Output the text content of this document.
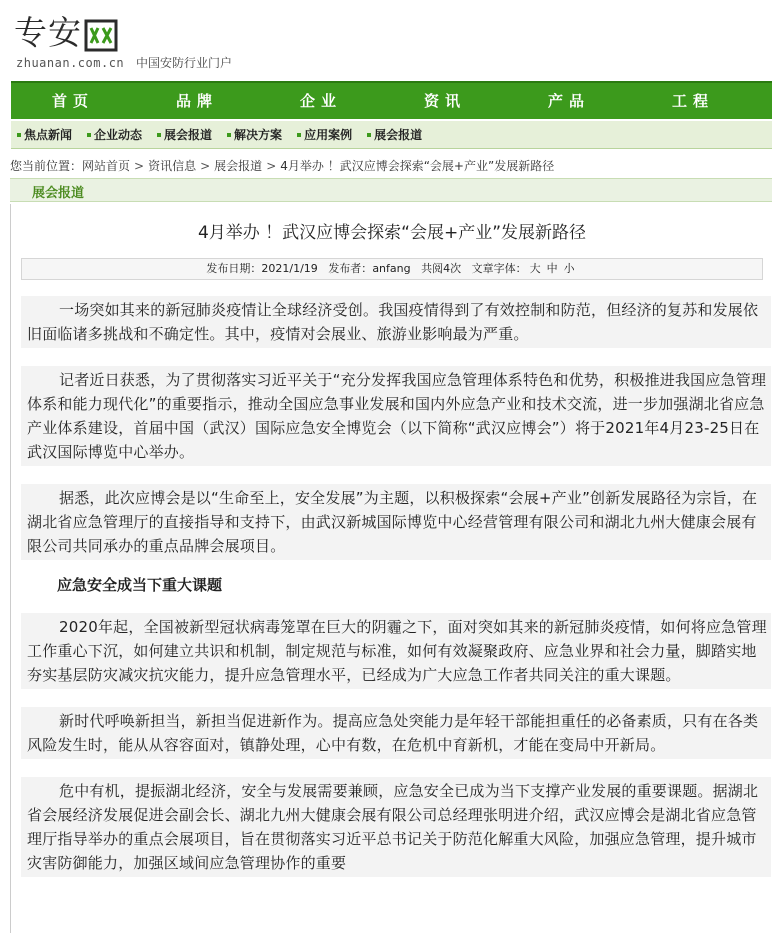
专安
zhuanan.com.cn 中国安防行业门户
首页	品牌	企业	资讯	产品	工程
焦点新闻 企业动态 展会报道 解决方案 应用案例 展会报道
您当前位置：网站首页 > 资讯信息 > 展会报道 > 4月举办 ！武汉应博会探索“会展+产业”发展新路径
展会报道
4月举办 ！武汉应博会探索“会展+产业”发展新路径
发布日期：2021/1/19 发布者：anfang 共阅4次 文章字体： 大 中 小

一场突如其来的新冠肺炎疫情让全球经济受创。我国疫情得到了有效控制和防范，但经济的复苏和发展依旧面临诸多挑战和不确定性。其中，疫情对会展业、旅游业影响最为严重。

记者近日获悉，为了贯彻落实习近平关于“充分发挥我国应急管理体系特色和优势，积极推进我国应急管理体系和能力现代化”的重要指示，推动全国应急事业发展和国内外应急产业和技术交流，进一步加强湖北省应急产业体系建设，首届中国（武汉）国际应急安全博览会（以下简称“武汉应博会”）将于2021年4月23-25日在武汉国际博览中心举办。

据悉，此次应博会是以“生命至上，安全发展”为主题，以积极探索“会展+产业”创新发展路径为宗旨，在湖北省应急管理厅的直接指导和支持下，由武汉新城国际博览中心经营管理有限公司和湖北九州大健康会展有限公司共同承办的重点品牌会展项目。

应急安全成当下重大课题

2020年起，全国被新型冠状病毒笼罩在巨大的阴霾之下，面对突如其来的新冠肺炎疫情，如何将应急管理工作重心下沉，如何建立共识和机制，制定规范与标准，如何有效凝聚政府、应急业界和社会力量，脚踏实地夯实基层防灾减灾抗灾能力，提升应急管理水平，已经成为广大应急工作者共同关注的重大课题。

新时代呼唤新担当，新担当促进新作为。提高应急处突能力是年轻干部能担重任的必备素质，只有在各类风险发生时，能从从容容面对，镇静处理，心中有数，在危机中育新机，才能在变局中开新局。

危中有机，提振湖北经济，安全与发展需要兼顾，应急安全已成为当下支撑产业发展的重要课题。据湖北省会展经济发展促进会副会长、湖北九州大健康会展有限公司总经理张明进介绍，武汉应博会是湖北省应急管理厅指导举办的重点会展项目，旨在贯彻落实习近平总书记关于防范化解重大风险，加强应急管理，提升城市灾害防御能力，加强区域间应急管理协作的重要
